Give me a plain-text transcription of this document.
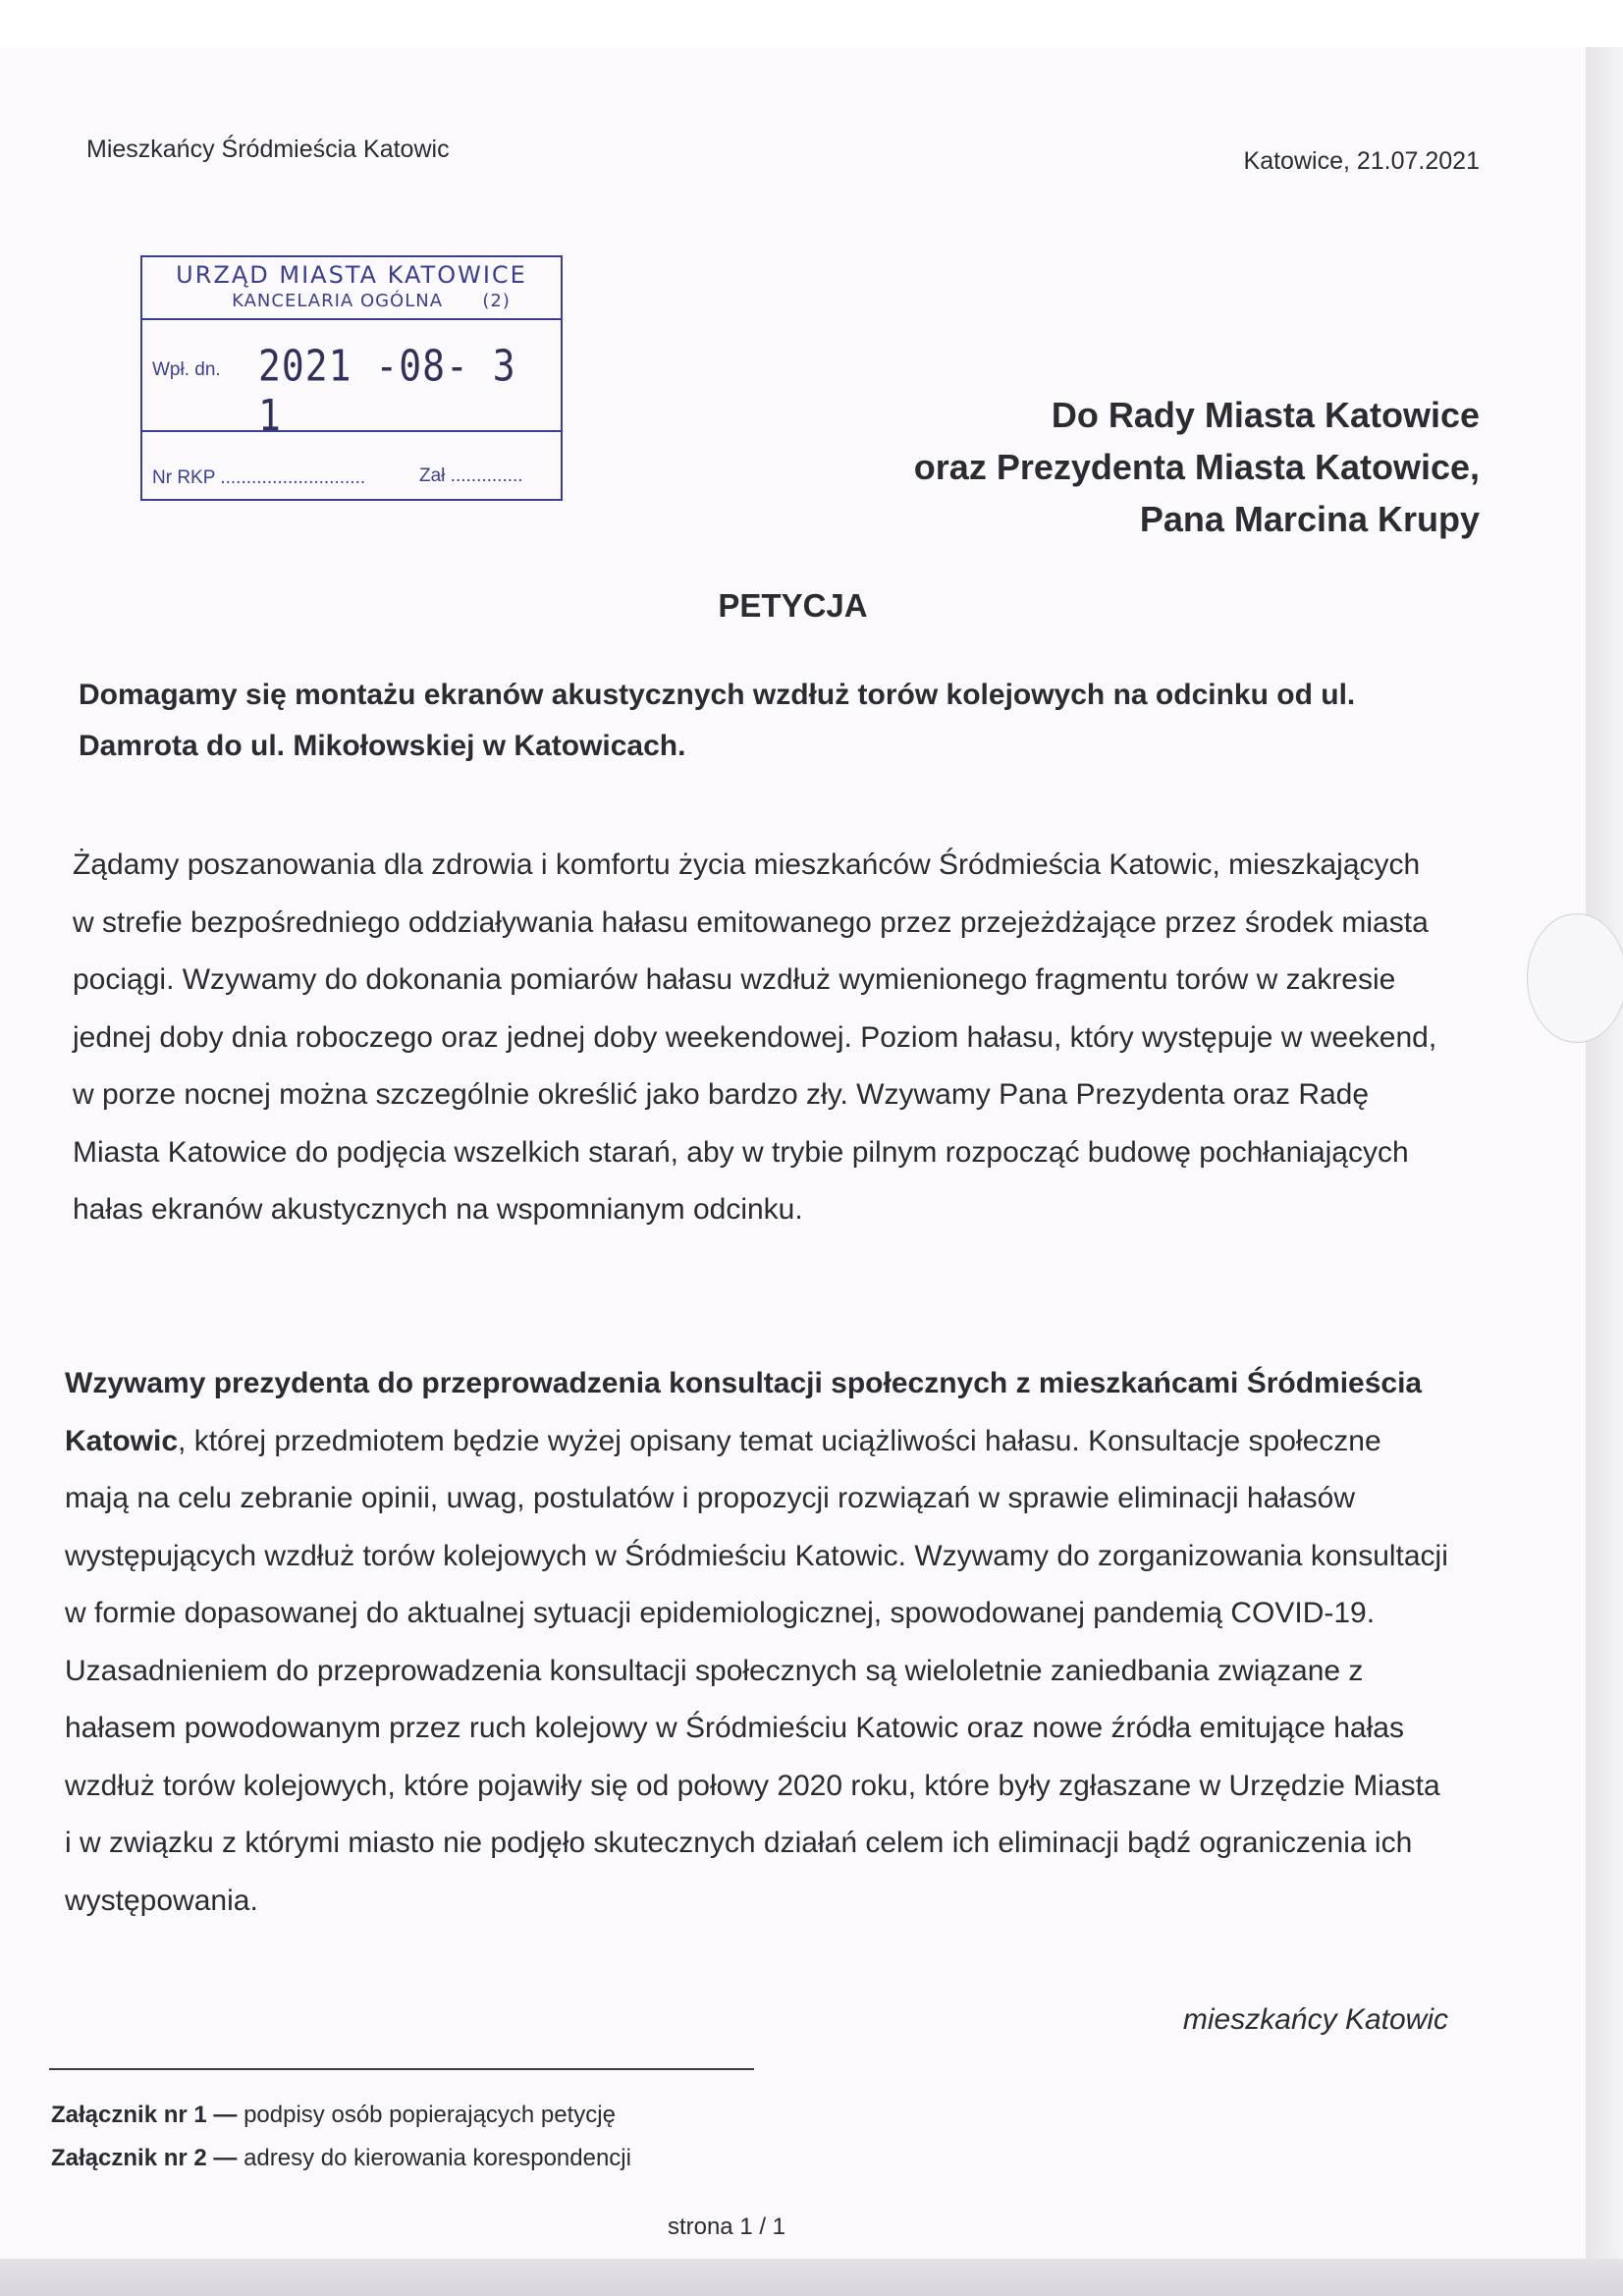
Mieszkańcy Śródmieścia Katowic	Katowice, 21.07.2021
URZĄD MIASTA KATOWICE
KANCELARIA OGÓLNA (2)
Wpł. dn. 2021 -08- 3 1
Nr RKP ............................	Zał ..............
Do Rady Miasta Katowice
oraz Prezydenta Miasta Katowice,
Pana Marcina Krupy
PETYCJA
Domagamy się montażu ekranów akustycznych wzdłuż torów kolejowych na odcinku od ul. Damrota do ul. Mikołowskiej w Katowicach.
Żądamy poszanowania dla zdrowia i komfortu życia mieszkańców Śródmieścia Katowic, mieszkających w strefie bezpośredniego oddziaływania hałasu emitowanego przez przejeżdżające przez środek miasta pociągi. Wzywamy do dokonania pomiarów hałasu wzdłuż wymienionego fragmentu torów w zakresie jednej doby dnia roboczego oraz jednej doby weekendowej. Poziom hałasu, który występuje w weekend, w porze nocnej można szczególnie określić jako bardzo zły. Wzywamy Pana Prezydenta oraz Radę Miasta Katowice do podjęcia wszelkich starań, aby w trybie pilnym rozpocząć budowę pochłaniających hałas ekranów akustycznych na wspomnianym odcinku.
Wzywamy prezydenta do przeprowadzenia konsultacji społecznych z mieszkańcami Śródmieścia Katowic, której przedmiotem będzie wyżej opisany temat uciążliwości hałasu. Konsultacje społeczne mają na celu zebranie opinii, uwag, postulatów i propozycji rozwiązań w sprawie eliminacji hałasów występujących wzdłuż torów kolejowych w Śródmieściu Katowic. Wzywamy do zorganizowania konsultacji w formie dopasowanej do aktualnej sytuacji epidemiologicznej, spowodowanej pandemią COVID-19. Uzasadnieniem do przeprowadzenia konsultacji społecznych są wieloletnie zaniedbania związane z hałasem powodowanym przez ruch kolejowy w Śródmieściu Katowic oraz nowe źródła emitujące hałas wzdłuż torów kolejowych, które pojawiły się od połowy 2020 roku, które były zgłaszane w Urzędzie Miasta i w związku z którymi miasto nie podjęło skutecznych działań celem ich eliminacji bądź ograniczenia ich występowania.
mieszkańcy Katowic
Załącznik nr 1 — podpisy osób popierających petycję
Załącznik nr 2 — adresy do kierowania korespondencji
strona 1 / 1
